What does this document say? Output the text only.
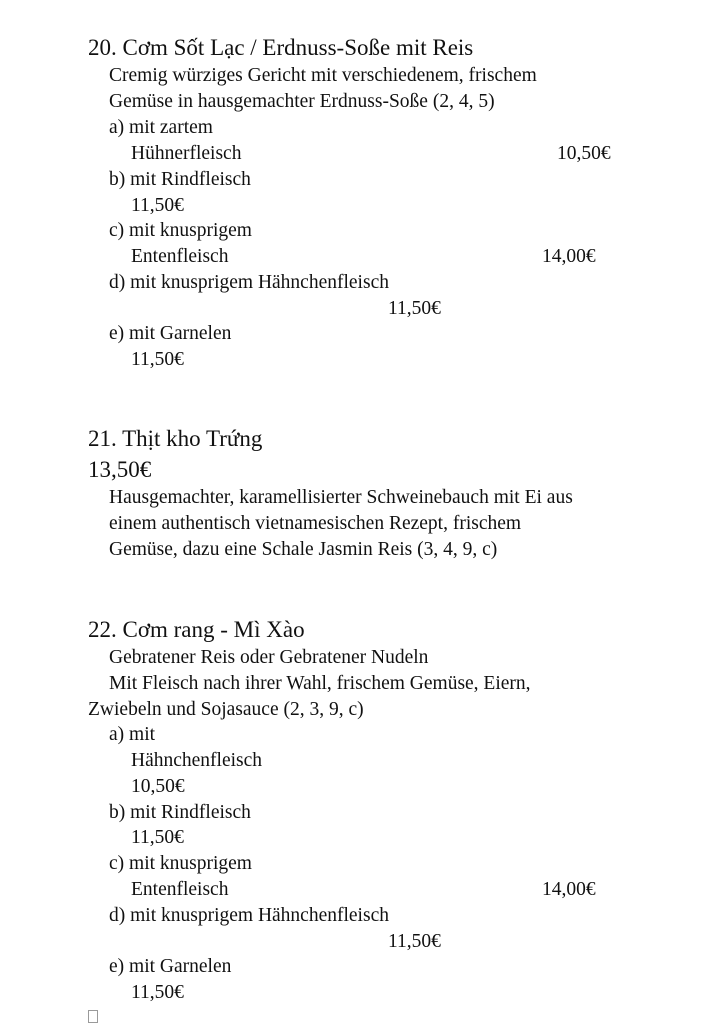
20. Cơm Sốt Lạc / Erdnuss-Soße mit Reis
Cremig würziges Gericht mit verschiedenem, frischem
Gemüse in hausgemachter Erdnuss-Soße (2, 4, 5)
a) mit zartem
Hühnerfleisch	10,50€
b) mit Rindfleisch
11,50€
c) mit knusprigem
Entenfleisch	14,00€
d) mit knusprigem Hähnchenfleisch
11,50€
e) mit Garnelen
11,50€
21. Thịt kho Trứng
13,50€
Hausgemachter, karamellisierter Schweinebauch mit Ei aus
einem authentisch vietnamesischen Rezept, frischem
Gemüse, dazu eine Schale Jasmin Reis (3, 4, 9, c)
22. Cơm rang - Mì Xào
Gebratener Reis oder Gebratener Nudeln
Mit Fleisch nach ihrer Wahl, frischem Gemüse, Eiern,
Zwiebeln und Sojasauce (2, 3, 9, c)
a) mit
Hähnchenfleisch
10,50€
b) mit Rindfleisch
11,50€
c) mit knusprigem
Entenfleisch	14,00€
d) mit knusprigem Hähnchenfleisch
11,50€
e) mit Garnelen
11,50€
